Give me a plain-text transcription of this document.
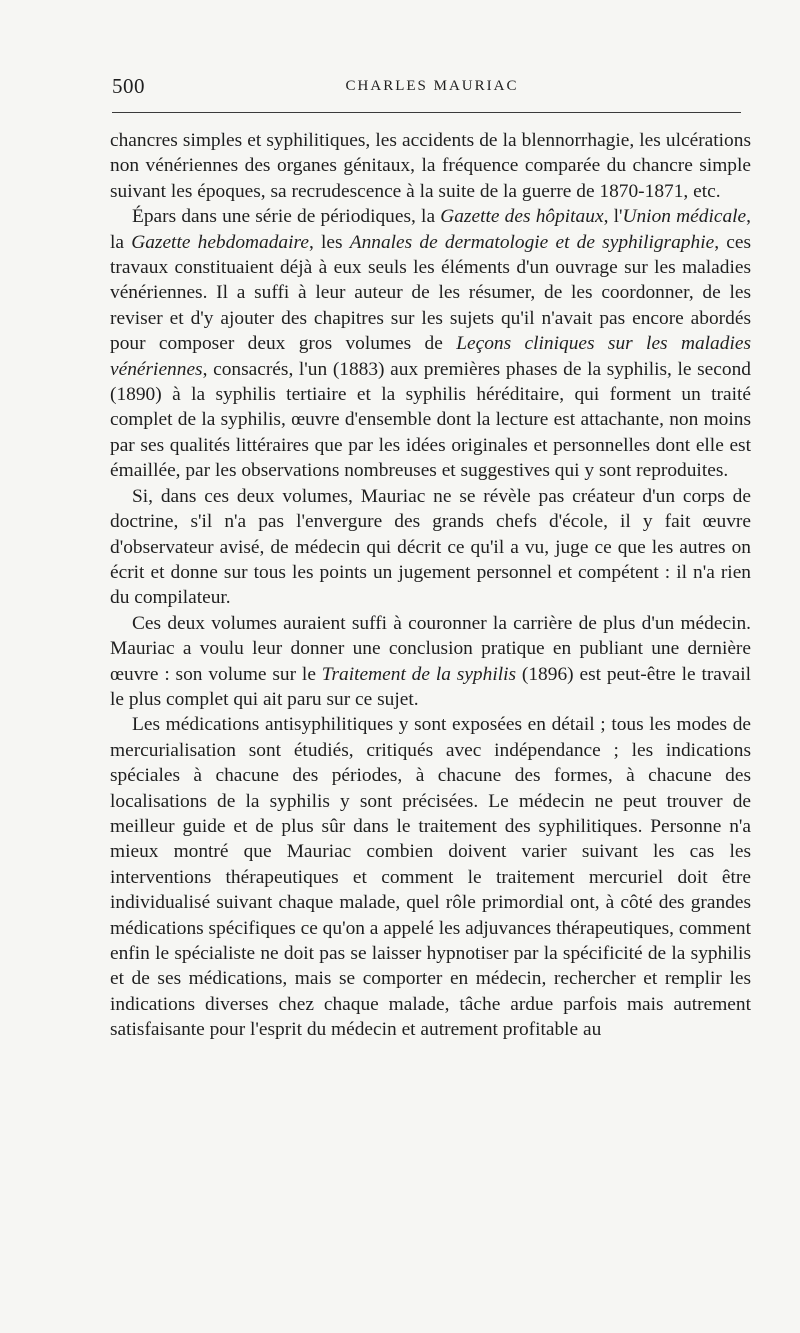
500	CHARLES MAURIAC

chancres simples et syphilitiques, les accidents de la blennorrhagie, les ulcérations non vénériennes des organes génitaux, la fréquence comparée du chancre simple suivant les époques, sa recrudescence à la suite de la guerre de 1870-1871, etc.

Épars dans une série de périodiques, la Gazette des hôpitaux, l'Union médicale, la Gazette hebdomadaire, les Annales de dermatologie et de syphiligraphie, ces travaux constituaient déjà à eux seuls les éléments d'un ouvrage sur les maladies vénériennes. Il a suffi à leur auteur de les résumer, de les coordonner, de les reviser et d'y ajouter des chapitres sur les sujets qu'il n'avait pas encore abordés pour composer deux gros volumes de Leçons cliniques sur les maladies vénériennes, consacrés, l'un (1883) aux premières phases de la syphilis, le second (1890) à la syphilis tertiaire et la syphilis héréditaire, qui forment un traité complet de la syphilis, œuvre d'ensemble dont la lecture est attachante, non moins par ses qualités littéraires que par les idées originales et personnelles dont elle est émaillée, par les observations nombreuses et suggestives qui y sont reproduites.

Si, dans ces deux volumes, Mauriac ne se révèle pas créateur d'un corps de doctrine, s'il n'a pas l'envergure des grands chefs d'école, il y fait œuvre d'observateur avisé, de médecin qui décrit ce qu'il a vu, juge ce que les autres on écrit et donne sur tous les points un jugement personnel et compétent : il n'a rien du compilateur.

Ces deux volumes auraient suffi à couronner la carrière de plus d'un médecin. Mauriac a voulu leur donner une conclusion pratique en publiant une dernière œuvre : son volume sur le Traitement de la syphilis (1896) est peut-être le travail le plus complet qui ait paru sur ce sujet.

Les médications antisyphilitiques y sont exposées en détail ; tous les modes de mercurialisation sont étudiés, critiqués avec indépendance ; les indications spéciales à chacune des périodes, à chacune des formes, à chacune des localisations de la syphilis y sont précisées. Le médecin ne peut trouver de meilleur guide et de plus sûr dans le traitement des syphilitiques. Personne n'a mieux montré que Mauriac combien doivent varier suivant les cas les interventions thérapeutiques et comment le traitement mercuriel doit être individualisé suivant chaque malade, quel rôle primordial ont, à côté des grandes médications spécifiques ce qu'on a appelé les adjuvances thérapeutiques, comment enfin le spécialiste ne doit pas se laisser hypnotiser par la spécificité de la syphilis et de ses médications, mais se comporter en médecin, rechercher et remplir les indications diverses chez chaque malade, tâche ardue parfois mais autrement satisfaisante pour l'esprit du médecin et autrement profitable au
